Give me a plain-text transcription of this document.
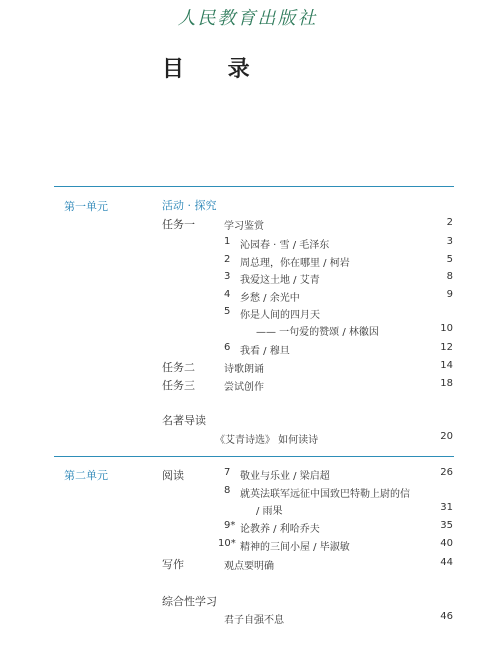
人民教育出版社
目 录
第一单元	活动 · 探究
任务一	学习鉴赏	2
1 沁园春 · 雪 / 毛泽东	3
2 周总理，你在哪里 / 柯岩	5
3 我爱这土地 / 艾青	8
4 乡愁 / 余光中	9
5 你是人间的四月天
—— 一句爱的赞颂 / 林徽因	10
6 我看 / 穆旦	12
任务二	诗歌朗诵	14
任务三	尝试创作	18
名著导读
《艾青诗选》 如何读诗	20
第二单元	阅读	7 敬业与乐业 / 梁启超	26
8 就英法联军远征中国致巴特勒上尉的信
/ 雨果	31
9* 论教养 / 利哈乔夫	35
10* 精神的三间小屋 / 毕淑敏	40
写作	观点要明确	44
综合性学习
君子自强不息	46
